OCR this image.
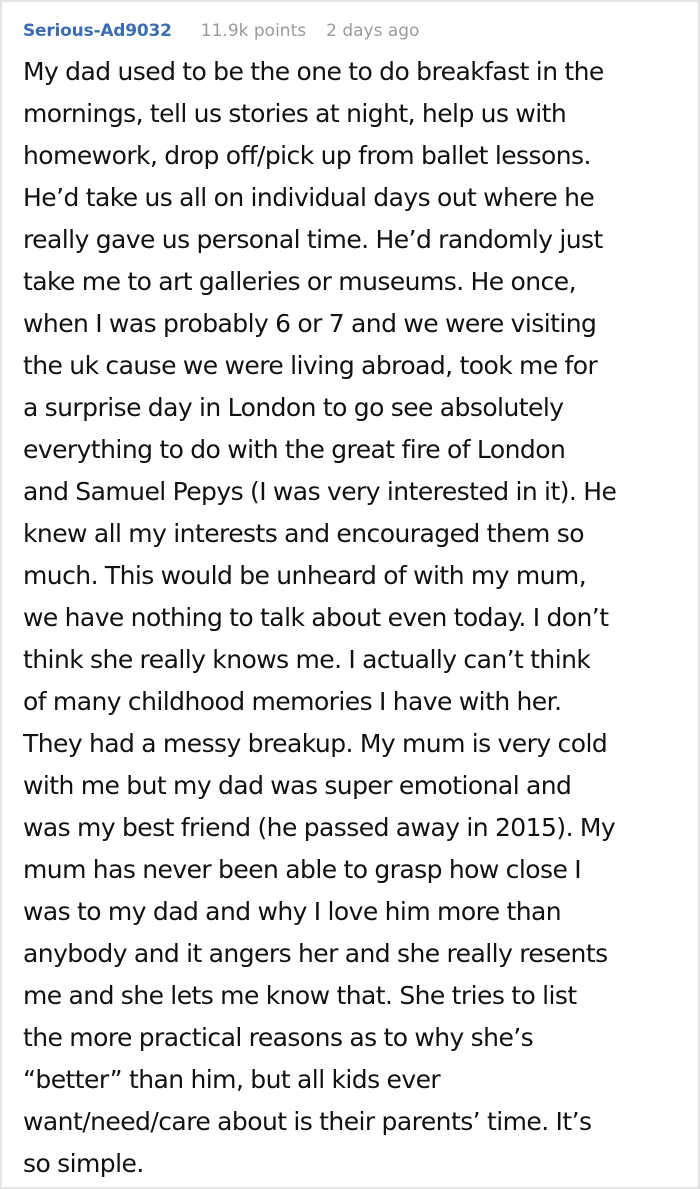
Serious-Ad9032 11.9k points 2 days ago
My dad used to be the one to do breakfast in the
mornings, tell us stories at night, help us with
homework, drop off/pick up from ballet lessons.
He’d take us all on individual days out where he
really gave us personal time. He’d randomly just
take me to art galleries or museums. He once,
when I was probably 6 or 7 and we were visiting
the uk cause we were living abroad, took me for
a surprise day in London to go see absolutely
everything to do with the great fire of London
and Samuel Pepys (I was very interested in it). He
knew all my interests and encouraged them so
much. This would be unheard of with my mum,
we have nothing to talk about even today. I don’t
think she really knows me. I actually can’t think
of many childhood memories I have with her.
They had a messy breakup. My mum is very cold
with me but my dad was super emotional and
was my best friend (he passed away in 2015). My
mum has never been able to grasp how close I
was to my dad and why I love him more than
anybody and it angers her and she really resents
me and she lets me know that. She tries to list
the more practical reasons as to why she’s
“better” than him, but all kids ever
want/need/care about is their parents’ time. It’s
so simple.
